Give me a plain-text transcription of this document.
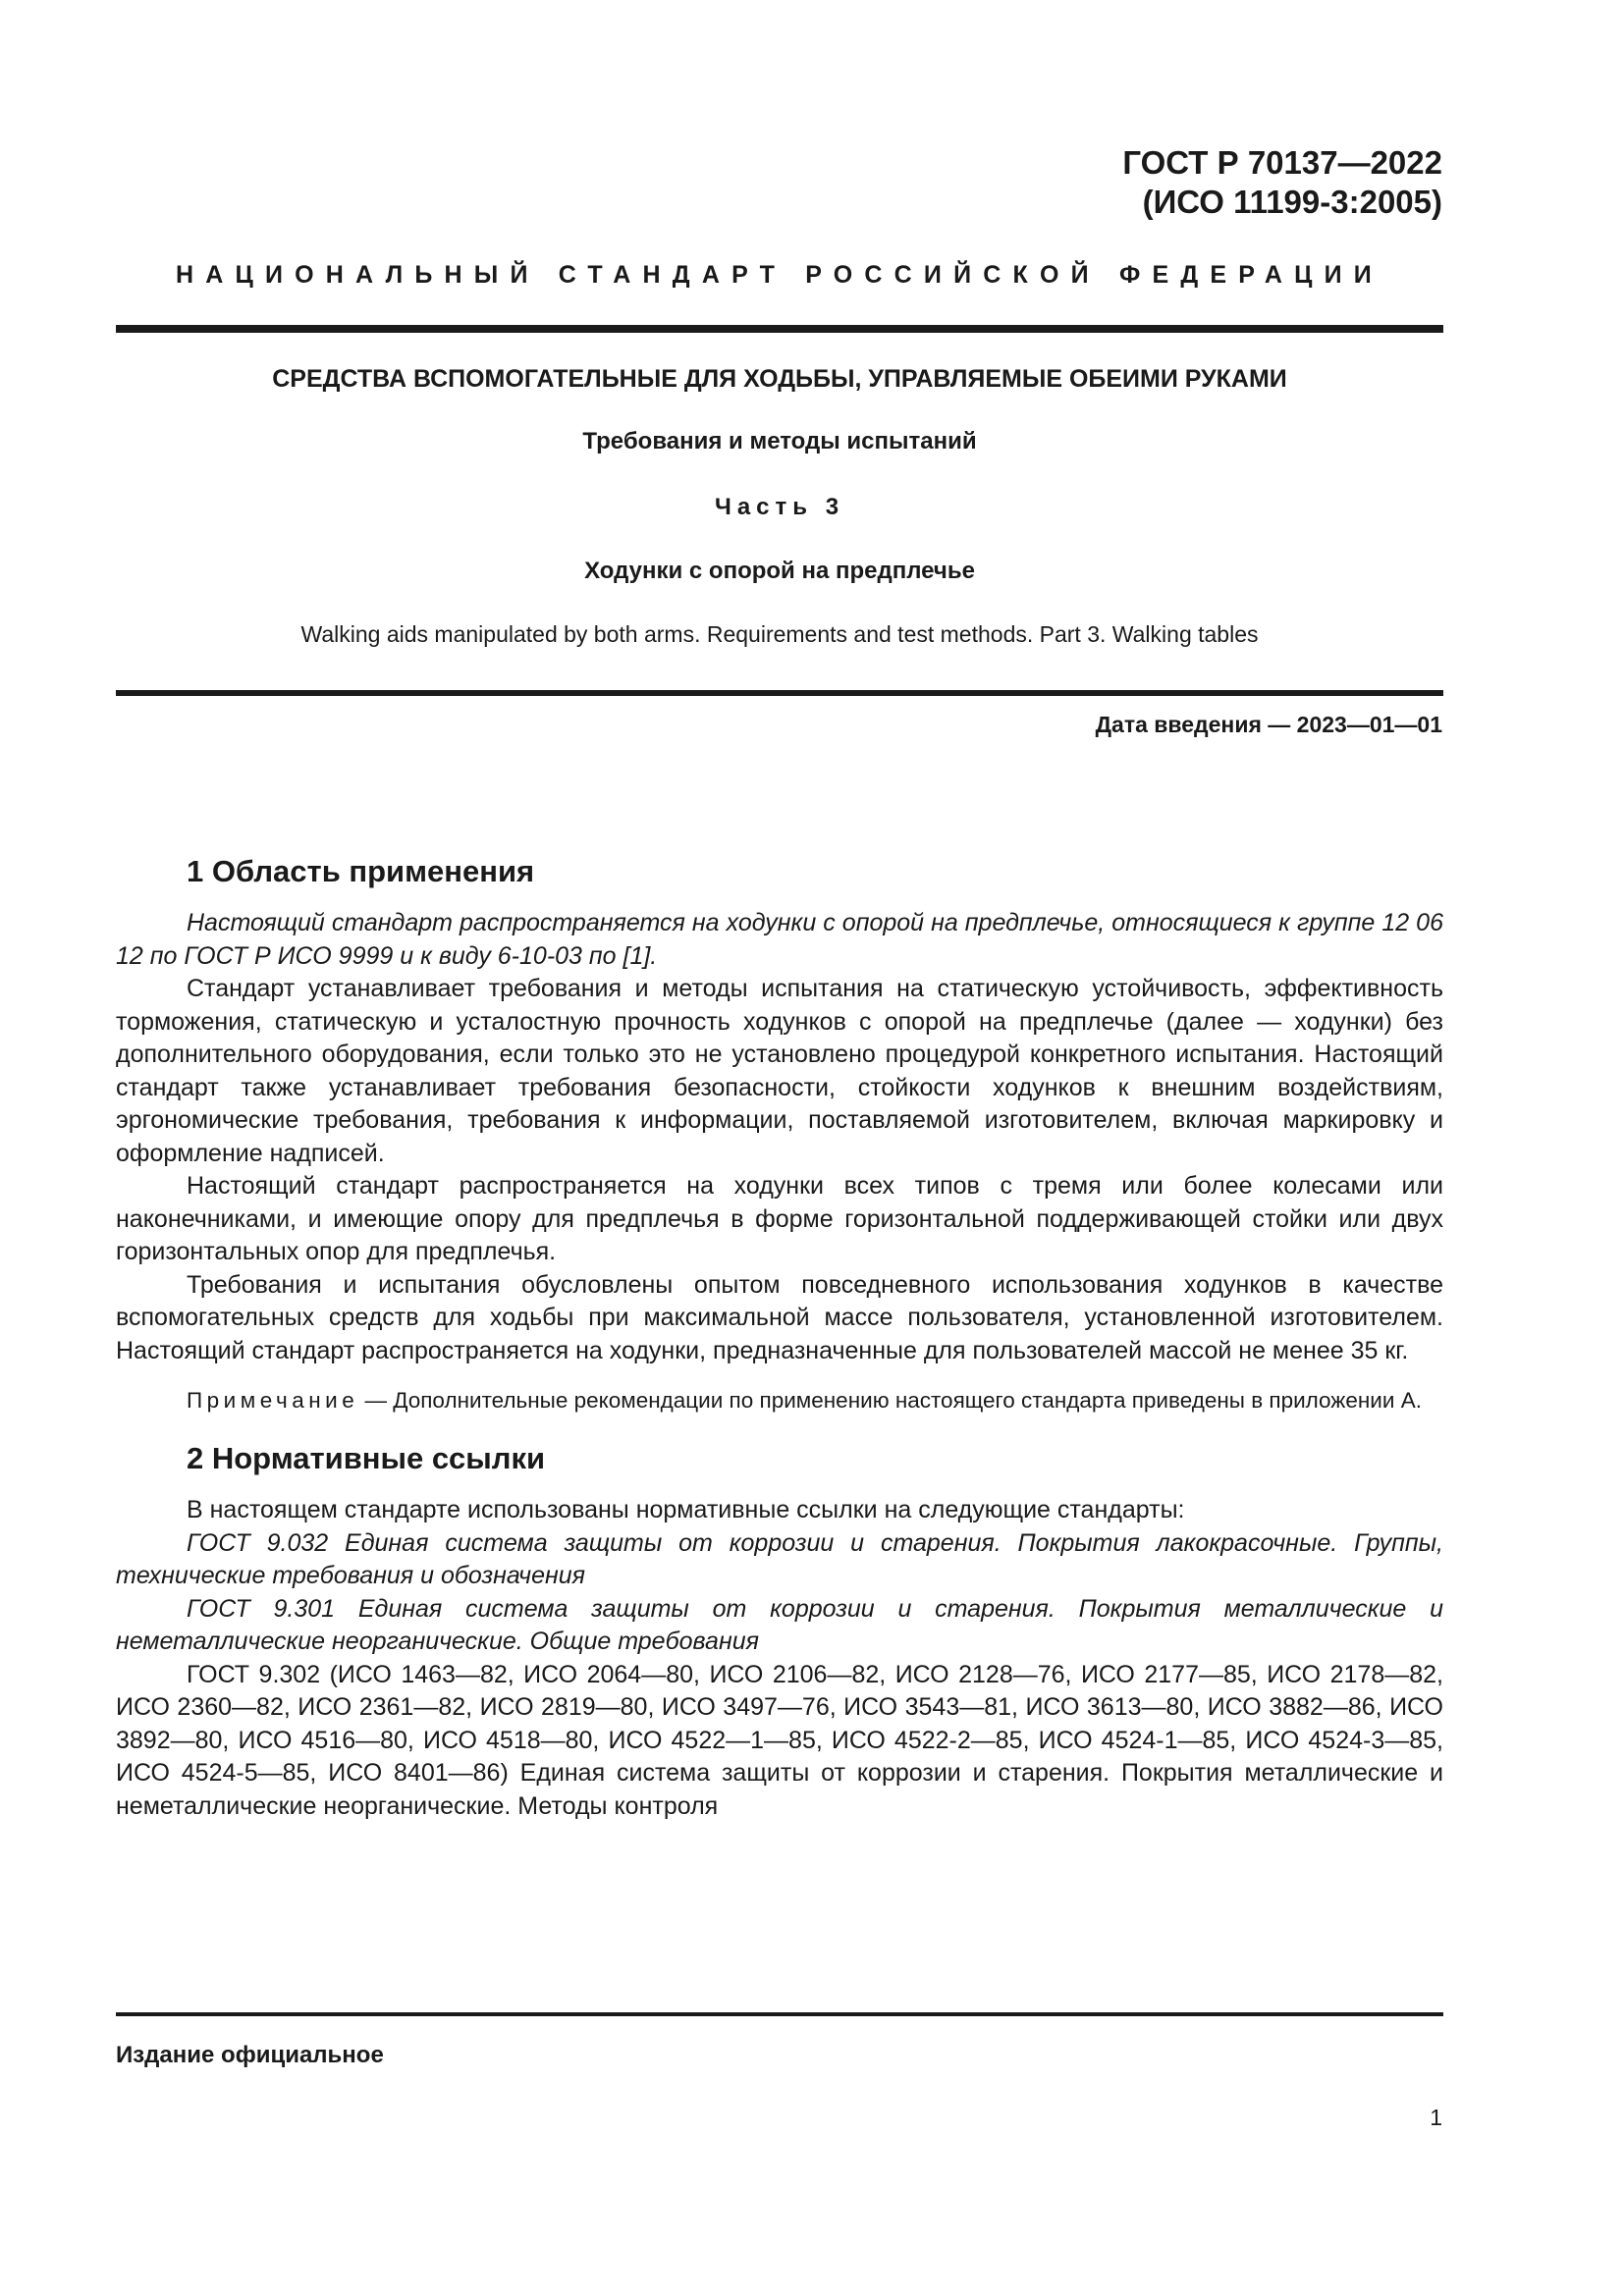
ГОСТ Р 70137—2022
(ИСО 11199-3:2005)
НАЦИОНАЛЬНЫЙ СТАНДАРТ РОССИЙСКОЙ ФЕДЕРАЦИИ
СРЕДСТВА ВСПОМОГАТЕЛЬНЫЕ ДЛЯ ХОДЬБЫ, УПРАВЛЯЕМЫЕ ОБЕИМИ РУКАМИ
Требования и методы испытаний
Часть 3
Ходунки с опорой на предплечье
Walking aids manipulated by both arms. Requirements and test methods. Part 3. Walking tables
Дата введения — 2023—01—01
1 Область применения

Настоящий стандарт распространяется на ходунки с опорой на предплечье, относящиеся к группе 12 06 12 по ГОСТ Р ИСО 9999 и к виду 6-10-03 по [1].

Стандарт устанавливает требования и методы испытания на статическую устойчивость, эффективность торможения, статическую и усталостную прочность ходунков с опорой на предплечье (далее — ходунки) без дополнительного оборудования, если только это не установлено процедурой конкретного испытания. Настоящий стандарт также устанавливает требования безопасности, стойкости ходунков к внешним воздействиям, эргономические требования, требования к информации, поставляемой изготовителем, включая маркировку и оформление надписей.

Настоящий стандарт распространяется на ходунки всех типов с тремя или более колесами или наконечниками, и имеющие опору для предплечья в форме горизонтальной поддерживающей стойки или двух горизонтальных опор для предплечья.

Требования и испытания обусловлены опытом повседневного использования ходунков в качестве вспомогательных средств для ходьбы при максимальной массе пользователя, установленной изготовителем. Настоящий стандарт распространяется на ходунки, предназначенные для пользователей массой не менее 35 кг.

Примечание — Дополнительные рекомендации по применению настоящего стандарта приведены в приложении А.

2 Нормативные ссылки

В настоящем стандарте использованы нормативные ссылки на следующие стандарты:

ГОСТ 9.032 Единая система защиты от коррозии и старения. Покрытия лакокрасочные. Группы, технические требования и обозначения

ГОСТ 9.301 Единая система защиты от коррозии и старения. Покрытия металлические и неметаллические неорганические. Общие требования

ГОСТ 9.302 (ИСО 1463—82, ИСО 2064—80, ИСО 2106—82, ИСО 2128—76, ИСО 2177—85, ИСО 2178—82, ИСО 2360—82, ИСО 2361—82, ИСО 2819—80, ИСО 3497—76, ИСО 3543—81, ИСО 3613—80, ИСО 3882—86, ИСО 3892—80, ИСО 4516—80, ИСО 4518—80, ИСО 4522—1—85, ИСО 4522-2—85, ИСО 4524-1—85, ИСО 4524-3—85, ИСО 4524-5—85, ИСО 8401—86) Единая система защиты от коррозии и старения. Покрытия металлические и неметаллические неорганические. Методы контроля

Издание официальное
1
